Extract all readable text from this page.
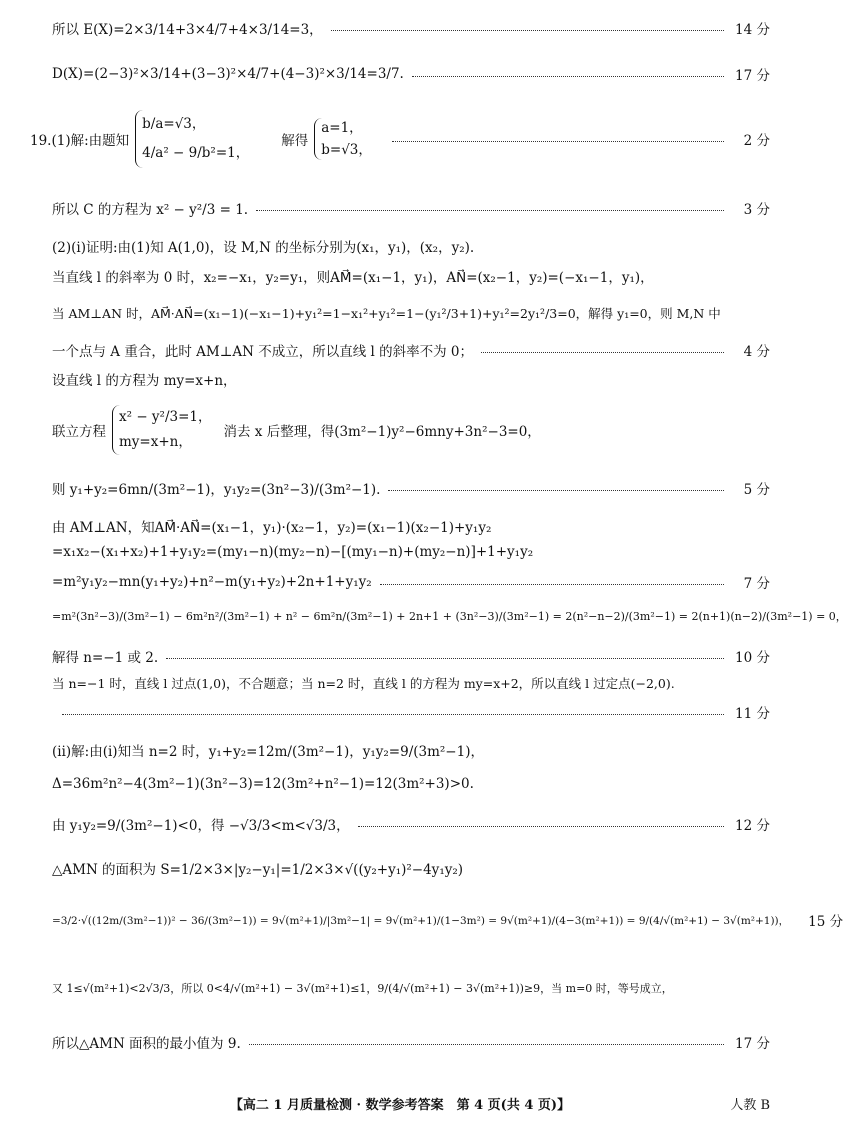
所以 E(X)=2×3/14+3×4/7+4×3/14=3，	14 分
D(X)=(2−3)²×3/14+(3−3)²×4/7+(4−3)²×3/14=3/7.	17 分
19.(1)解:由题知
b/a=√3，
4/a² − 9/b²=1，
解得
a=1，
b=√3，
2 分
所以 C 的方程为 x² − y²/3 = 1.	3 分
(2)(ⅰ)证明:由(1)知 A(1,0)，设 M,N 的坐标分别为(x₁，y₁)，(x₂，y₂).
当直线 l 的斜率为 0 时，x₂=−x₁，y₂=y₁，则AM⃗=(x₁−1，y₁)，AN⃗=(x₂−1，y₂)=(−x₁−1，y₁)，
当 AM⊥AN 时，AM⃗·AN⃗=(x₁−1)(−x₁−1)+y₁²=1−x₁²+y₁²=1−(y₁²/3+1)+y₁²=2y₁²/3=0，解得 y₁=0，则 M,N 中
一个点与 A 重合，此时 AM⊥AN 不成立，所以直线 l 的斜率不为 0；	4 分
设直线 l 的方程为 my=x+n，
联立方程
x² − y²/3=1，
my=x+n，
消去 x 后整理，得(3m²−1)y²−6mny+3n²−3=0，
则 y₁+y₂=6mn/(3m²−1)，y₁y₂=(3n²−3)/(3m²−1).	5 分
由 AM⊥AN，知AM⃗·AN⃗=(x₁−1，y₁)·(x₂−1，y₂)=(x₁−1)(x₂−1)+y₁y₂
=x₁x₂−(x₁+x₂)+1+y₁y₂=(my₁−n)(my₂−n)−[(my₁−n)+(my₂−n)]+1+y₁y₂
=m²y₁y₂−mn(y₁+y₂)+n²−m(y₁+y₂)+2n+1+y₁y₂	7 分
=m²(3n²−3)/(3m²−1) − 6m²n²/(3m²−1) + n² − 6m²n/(3m²−1) + 2n+1 + (3n²−3)/(3m²−1) = 2(n²−n−2)/(3m²−1) = 2(n+1)(n−2)/(3m²−1) = 0，
解得 n=−1 或 2.	10 分
当 n=−1 时，直线 l 过点(1,0)，不合题意；当 n=2 时，直线 l 的方程为 my=x+2，所以直线 l 过定点(−2,0).
11 分
(ⅱ)解:由(ⅰ)知当 n=2 时，y₁+y₂=12m/(3m²−1)，y₁y₂=9/(3m²−1)，
Δ=36m²n²−4(3m²−1)(3n²−3)=12(3m²+n²−1)=12(3m²+3)>0.
由 y₁y₂=9/(3m²−1)<0，得 −√3/3<m<√3/3，	12 分
△AMN 的面积为 S=1/2×3×|y₂−y₁|=1/2×3×√((y₂+y₁)²−4y₁y₂)
=3/2·√((12m/(3m²−1))² − 36/(3m²−1)) = 9√(m²+1)/|3m²−1| = 9√(m²+1)/(1−3m²) = 9√(m²+1)/(4−3(m²+1)) = 9/(4/√(m²+1) − 3√(m²+1))，	15 分
又 1≤√(m²+1)<2√3/3，所以 0<4/√(m²+1) − 3√(m²+1)≤1，9/(4/√(m²+1) − 3√(m²+1))≥9，当 m=0 时，等号成立，
所以△AMN 面积的最小值为 9.	17 分
【高二 1 月质量检测 · 数学参考答案　第 4 页(共 4 页)】	人教 B
